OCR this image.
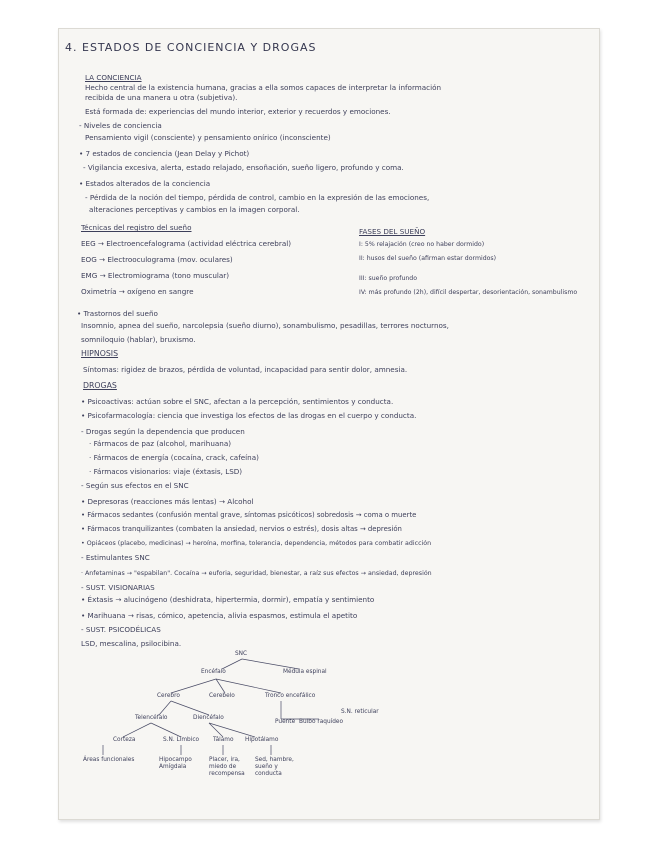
4. ESTADOS DE CONCIENCIA Y DROGAS
LA CONCIENCIA
Hecho central de la existencia humana, gracias a ella somos capaces de interpretar la información
recibida de una manera u otra (subjetiva).
Está formada de: experiencias del mundo interior, exterior y recuerdos y emociones.
- Niveles de conciencia
Pensamiento vigil (consciente) y pensamiento onírico (inconsciente)
• 7 estados de conciencia (Jean Delay y Pichot)
- Vigilancia excesiva, alerta, estado relajado, ensoñación, sueño ligero, profundo y coma.
• Estados alterados de la conciencia
- Pérdida de la noción del tiempo, pérdida de control, cambio en la expresión de las emociones,
alteraciones perceptivas y cambios en la imagen corporal.
Técnicas del registro del sueño
EEG → Electroencefalograma (actividad eléctrica cerebral)
EOG → Electrooculograma (mov. oculares)
EMG → Electromiograma (tono muscular)
Oximetría → oxígeno en sangre
FASES DEL SUEÑO
I: 5% relajación (creo no haber dormido)
II: husos del sueño (afirman estar dormidos)
III: sueño profundo
IV: más profundo (2h), difícil despertar, desorientación, sonambulismo
• Trastornos del sueño
Insomnio, apnea del sueño, narcolepsia (sueño diurno), sonambulismo, pesadillas, terrores nocturnos,
somniloquio (hablar), bruxismo.
HIPNOSIS
Síntomas: rigidez de brazos, pérdida de voluntad, incapacidad para sentir dolor, amnesia.
DROGAS
• Psicoactivas: actúan sobre el SNC, afectan a la percepción, sentimientos y conducta.
• Psicofarmacología: ciencia que investiga los efectos de las drogas en el cuerpo y conducta.
- Drogas según la dependencia que producen
· Fármacos de paz (alcohol, marihuana)
· Fármacos de energía (cocaína, crack, cafeína)
· Fármacos visionarios: viaje (éxtasis, LSD)
- Según sus efectos en el SNC
• Depresoras (reacciones más lentas) → Alcohol
• Fármacos sedantes (confusión mental grave, síntomas psicóticos) sobredosis → coma o muerte
• Fármacos tranquilizantes (combaten la ansiedad, nervios o estrés), dosis altas → depresión
• Opiáceos (placebo, medicinas) → heroína, morfina, tolerancia, dependencia, métodos para combatir adicción
- Estimulantes SNC
· Anfetaminas → "espabilan". Cocaína → euforia, seguridad, bienestar, a raíz sus efectos → ansiedad, depresión
- SUST. VISIONARIAS
• Éxtasis → alucinógeno (deshidrata, hipertermia, dormir), empatía y sentimiento
• Marihuana → risas, cómico, apetencia, alivia espasmos, estimula el apetito
- SUST. PSICODÉLICAS
LSD, mescalina, psilocibina.
SNC
Encéfalo	Médula espinal
Cerebro	Cerebelo	Tronco encefálico
Puente Bulbo raquídeo
S.N. reticular
Telencéfalo	Diencéfalo
Corteza	S.N. Límbico Tálamo Hipotálamo
Áreas funcionales	Hipocampo Amígdala
Placer, ira, miedo de recompensa
Sed, hambre, sueño y conducta
